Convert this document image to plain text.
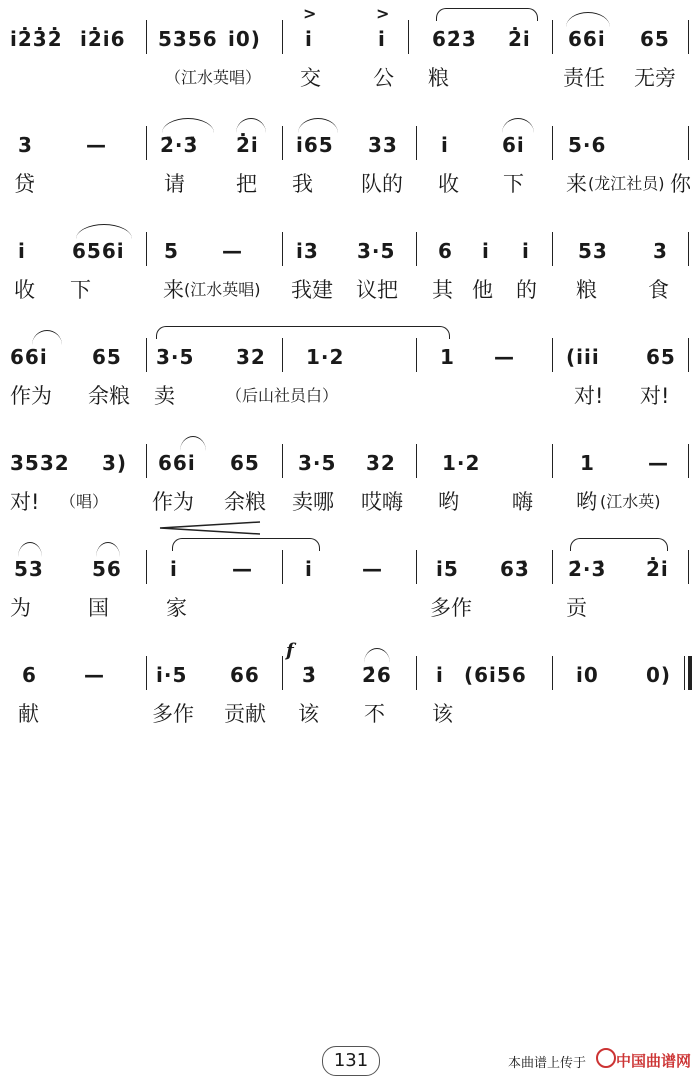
i2̇3̇2̇ i2̇i6 5356 i0)
>
i
>
i 62̇3̇ 2̇i 66i 65
（江水英唱） 交 公 粮	责任 无旁
3	—	2̇·3̇ 2̇i i65 33 i	6i 5·6
贷	请 把 我 队的 收 下 来 (龙江社员) 你
i 656i 5 —	i3 3·5 6 i i 53 3
收 下	来 (江水英唱) 我建 议把 其 他 的 粮 食
66i 65 3·5 32 1·2	1 —	(iii 65
作为 余粮 卖	（后山社员白）	对! 对!
3532 3) 66i 65 3·5 32 1·2	1	—
对! （唱） 作为 余粮 卖哪 哎嗨 哟	嗨 哟 (江水英)
53 56 i	—	i —	i5 63̇ 2̇·3̇ 2̇i
为	国	家	多作	贡
6 —	i·5 66 3̇ 2̇6 i (6i56 i0 0)
献	多作 贡献 该 不 该
f
131	本曲谱上传于 中国曲谱网
